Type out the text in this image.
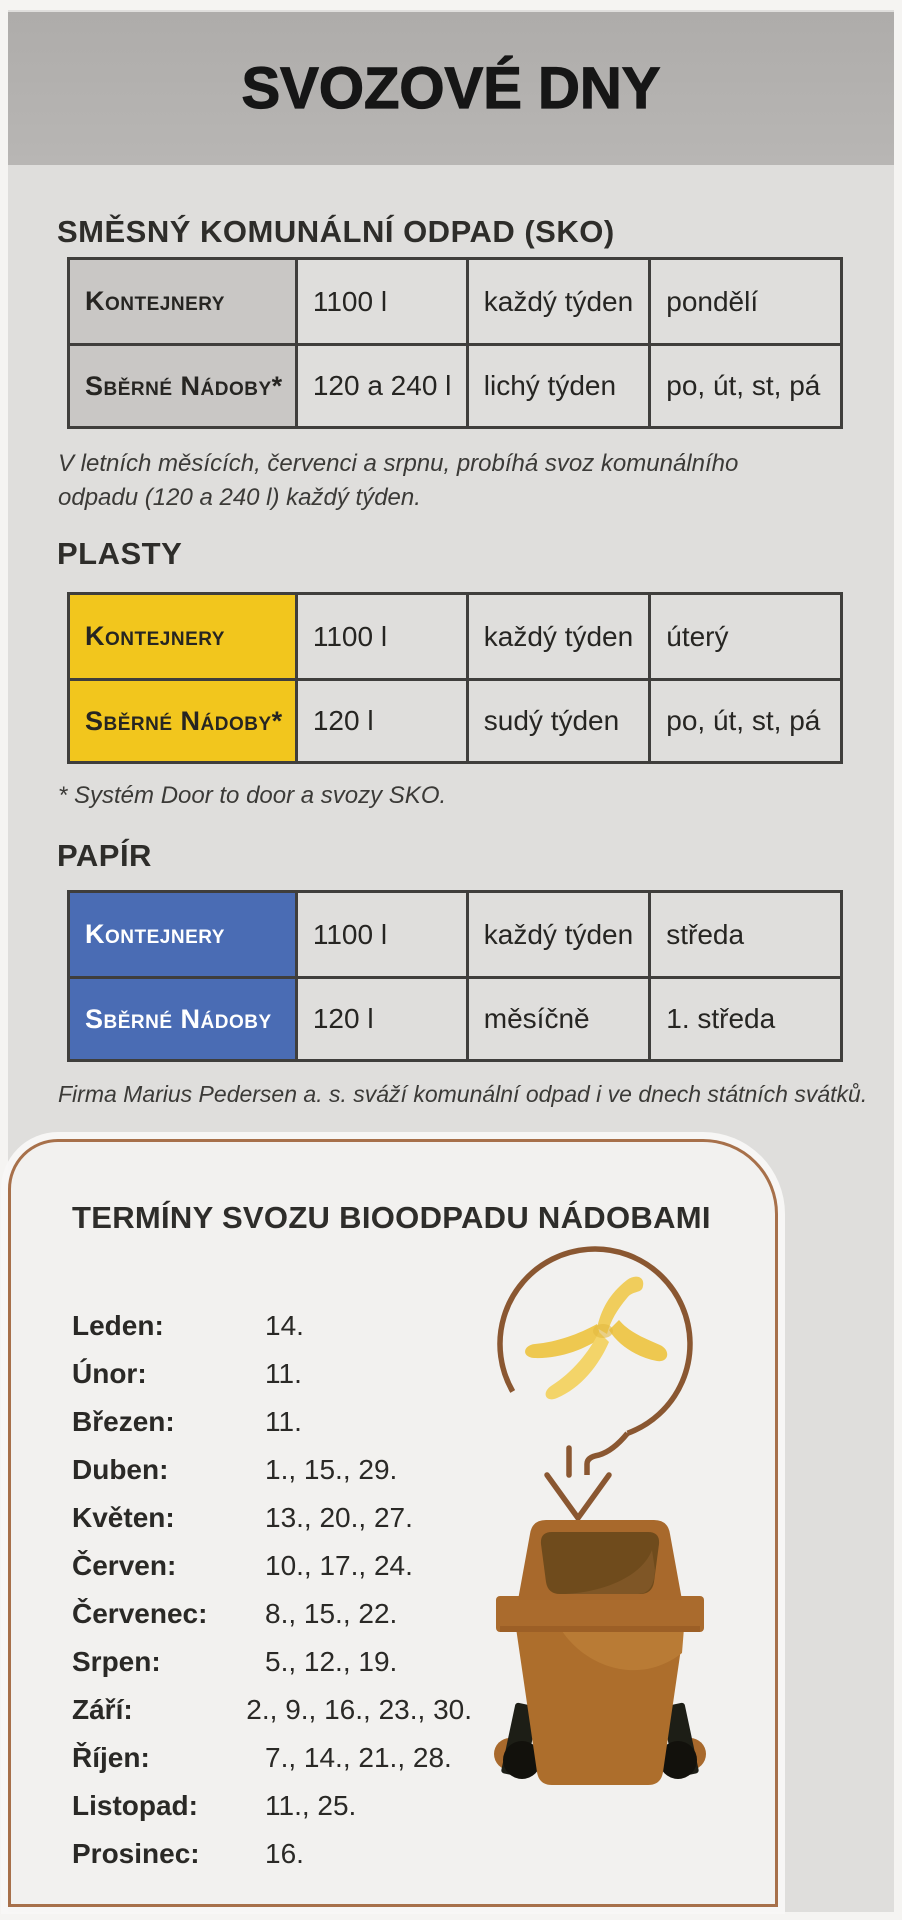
SVOZOVÉ DNY
SMĚSNÝ KOMUNÁLNÍ ODPAD (SKO)
Kontejnery	1100 l	každý týden	pondělí
Sběrné Nádoby*	120 a 240 l	lichý týden	po, út, st, pá
V letních měsících, červenci a srpnu, probíhá svoz komunálního odpadu (120 a 240 l) každý týden.
PLASTY
Kontejnery	1100 l	každý týden	úterý
Sběrné Nádoby*	120 l	sudý týden	po, út, st, pá
* Systém Door to door a svozy SKO.
PAPÍR
Kontejnery	1100 l	každý týden	středa
Sběrné Nádoby	120 l	měsíčně	1. středa
Firma Marius Pedersen a. s. sváží komunální odpad i ve dnech státních svátků.
TERMÍNY SVOZU BIOODPADU NÁDOBAMI
Leden:	14.
Únor:	11.
Březen:	11.
Duben:	1., 15., 29.
Květen:	13., 20., 27.
Červen:	10., 17., 24.
Červenec:	8., 15., 22.
Srpen:	5., 12., 19.
Září:	2., 9., 16., 23., 30.
Říjen:	7., 14., 21., 28.
Listopad:	11., 25.
Prosinec:	16.
